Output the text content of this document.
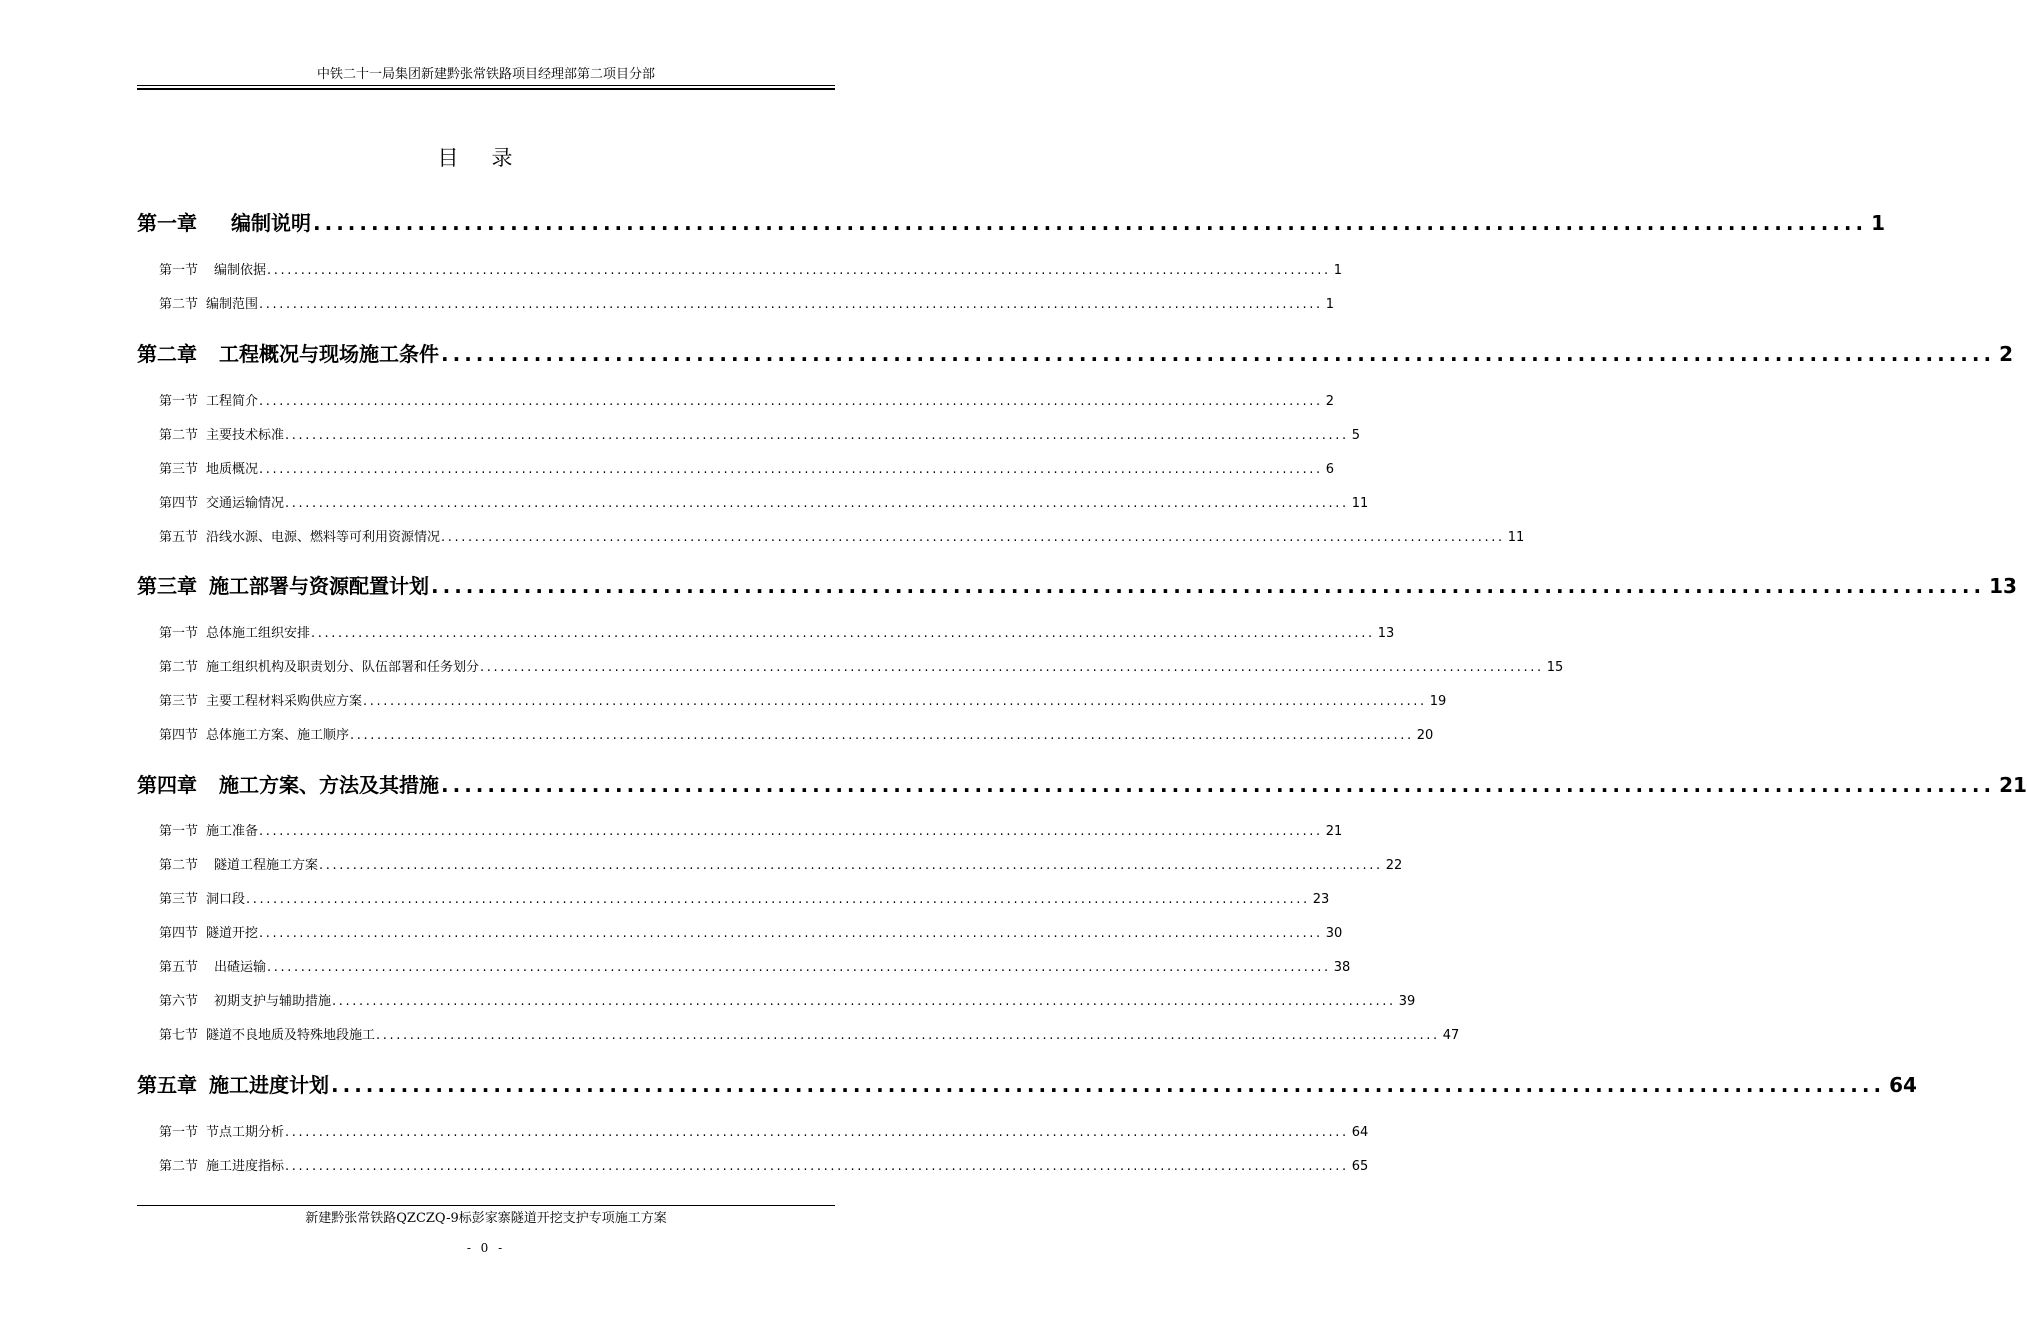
中铁二十一局集团新建黔张常铁路项目经理部第二项目分部
目录
第一章 编制说明 ...................................................................................................................................... 1
第一节 编制依据 .............................................................................................................................................................. 1
第二节 编制范围 .............................................................................................................................................................. 1
第二章 工程概况与现场施工条件 ...................................................................................................................................... 2
第一节 工程简介 .............................................................................................................................................................. 2
第二节 主要技术标准 .............................................................................................................................................................. 5
第三节 地质概况 .............................................................................................................................................................. 6
第四节 交通运输情况 .............................................................................................................................................................. 11
第五节 沿线水源、电源、燃料等可利用资源情况 .............................................................................................................................................................. 11
第三章 施工部署与资源配置计划 ...................................................................................................................................... 13
第一节 总体施工组织安排 .............................................................................................................................................................. 13
第二节 施工组织机构及职责划分、队伍部署和任务划分 .............................................................................................................................................................. 15
第三节 主要工程材料采购供应方案 .............................................................................................................................................................. 19
第四节 总体施工方案、施工顺序 .............................................................................................................................................................. 20
第四章 施工方案、方法及其措施 ...................................................................................................................................... 21
第一节 施工准备 .............................................................................................................................................................. 21
第二节 隧道工程施工方案 .............................................................................................................................................................. 22
第三节 洞口段 .............................................................................................................................................................. 23
第四节 隧道开挖 .............................................................................................................................................................. 30
第五节 出碴运输 .............................................................................................................................................................. 38
第六节 初期支护与辅助措施 .............................................................................................................................................................. 39
第七节 隧道不良地质及特殊地段施工 .............................................................................................................................................................. 47
第五章 施工进度计划 ...................................................................................................................................... 64
第一节 节点工期分析 .............................................................................................................................................................. 64
第二节 施工进度指标 .............................................................................................................................................................. 65
新建黔张常铁路QZCZQ-9标彭家寨隧道开挖支护专项施工方案
- 0 -
